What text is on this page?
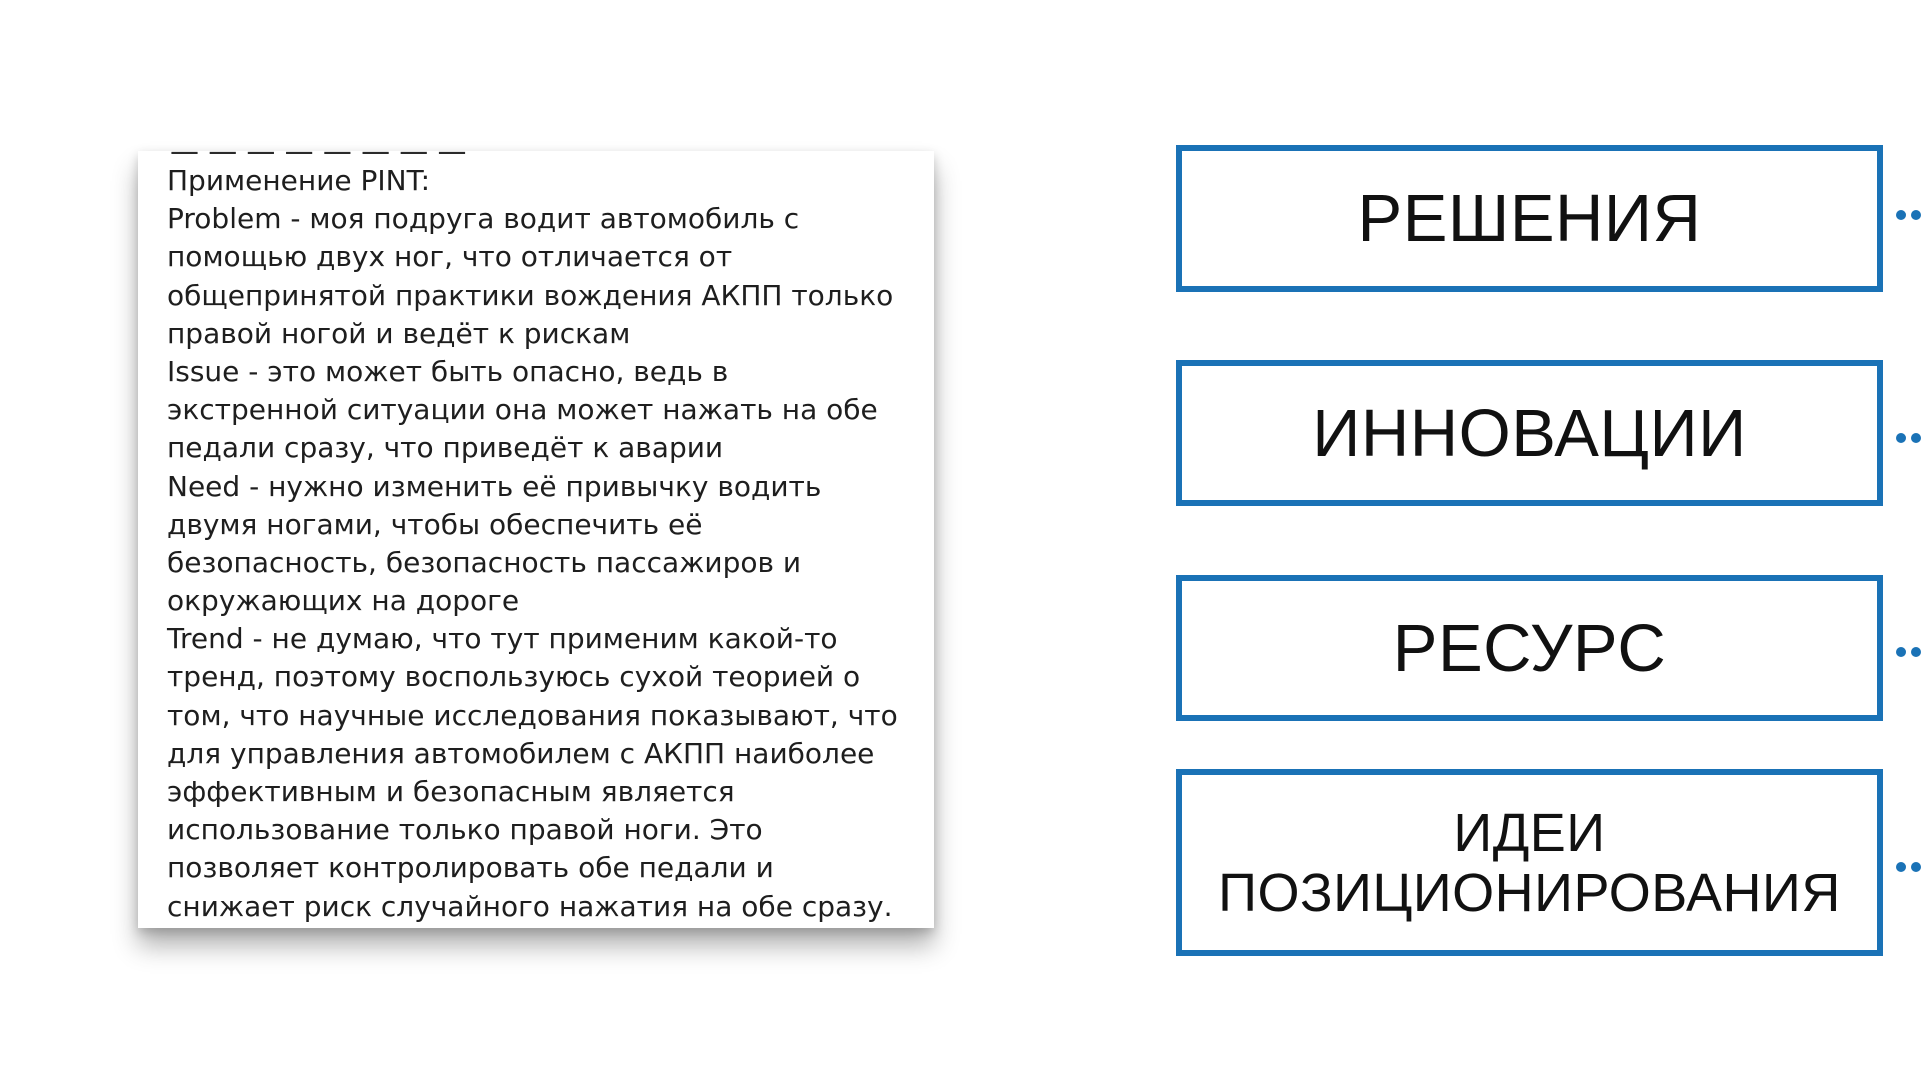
— — — — — — — —
Применение PINT:
Problem - моя подруга водит автомобиль с
помощью двух ног, что отличается от
общепринятой практики вождения АКПП только
правой ногой и ведёт к рискам
Issue - это может быть опасно, ведь в
экстренной ситуации она может нажать на обе
педали сразу, что приведёт к аварии
Need - нужно изменить её привычку водить
двумя ногами, чтобы обеспечить её
безопасность, безопасность пассажиров и
окружающих на дороге
Trend - не думаю, что тут применим какой-то
тренд, поэтому воспользуюсь сухой теорией о
том, что научные исследования показывают, что
для управления автомобилем с АКПП наиболее
эффективным и безопасным является
использование только правой ноги. Это
позволяет контролировать обе педали и
снижает риск случайного нажатия на обе сразу.
РЕШЕНИЯ
ИННОВАЦИИ
РЕСУРС
ИДЕИ
ПОЗИЦИОНИРОВАНИЯ
